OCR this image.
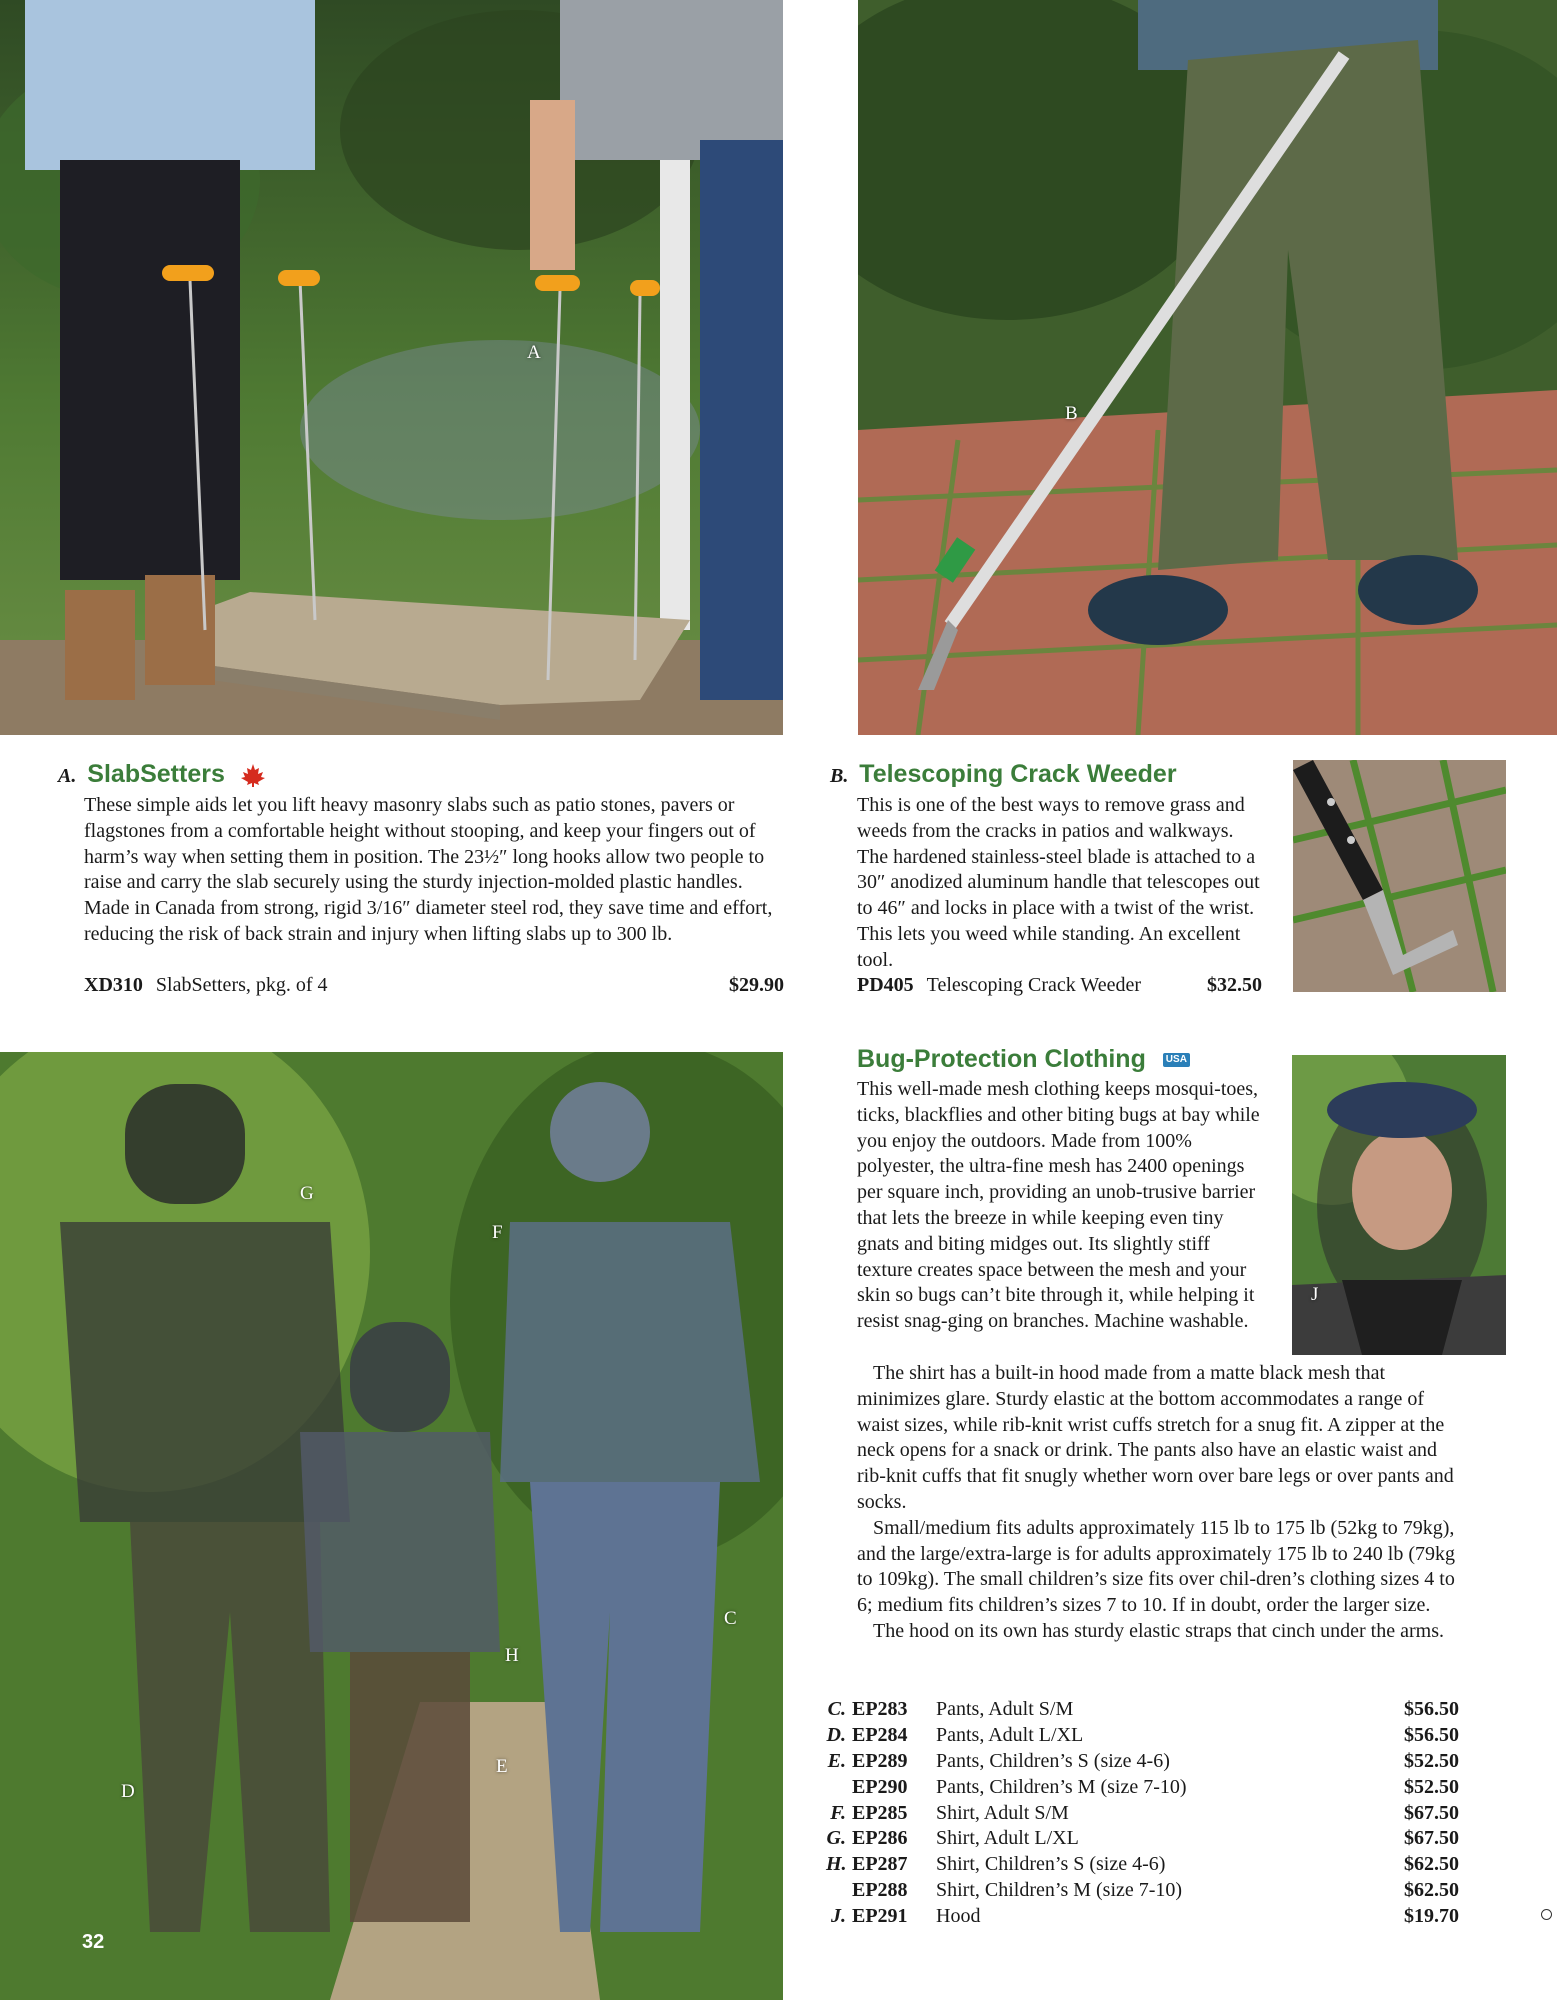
A
B
A. SlabSetters

These simple aids let you lift heavy masonry slabs such as patio stones, pavers or flagstones from a comfortable height without stooping, and keep your fingers out of harm’s way when setting them in position. The 23½″ long hooks allow two people to raise and carry the slab securely using the sturdy injection-molded plastic handles. Made in Canada from strong, rigid 3/16″ diameter steel rod, they save time and effort, reducing the risk of back strain and injury when lifting slabs up to 300 lb.

XD310 SlabSetters, pkg. of 4	$29.90
B. Telescoping Crack Weeder

This is one of the best ways to remove grass and weeds from the cracks in patios and walkways. The hardened stainless-steel blade is attached to a 30″ anodized aluminum handle that telescopes out to 46″ and locks in place with a twist of the wrist. This lets you weed while standing. An excellent tool.

PD405 Telescoping Crack Weeder	$32.50
G
F
C
H
E
D
J
Bug-Protection Clothing USA

This well-made mesh clothing keeps mosqui-toes, ticks, blackflies and other biting bugs at bay while you enjoy the outdoors. Made from 100% polyester, the ultra-fine mesh has 2400 openings per square inch, providing an unob-trusive barrier that lets the breeze in while keeping even tiny gnats and biting midges out. Its slightly stiff texture creates space between the mesh and your skin so bugs can’t bite through it, while helping it resist snag-ging on branches. Machine washable.

The shirt has a built-in hood made from a matte black mesh that minimizes glare. Sturdy elastic at the bottom accommodates a range of waist sizes, while rib-knit wrist cuffs stretch for a snug fit. A zipper at the neck opens for a snack or drink. The pants also have an elastic waist and rib-knit cuffs that fit snugly whether worn over bare legs or over pants and socks.

Small/medium fits adults approximately 115 lb to 175 lb (52kg to 79kg), and the large/extra-large is for adults approximately 175 lb to 240 lb (79kg to 109kg). The small children’s size fits over chil-dren’s clothing sizes 4 to 6; medium fits children’s sizes 7 to 10. If in doubt, order the larger size.

The hood on its own has sturdy elastic straps that cinch under the arms.

C. EP283 Pants, Adult S/M	$56.50
D. EP284 Pants, Adult L/XL	$56.50
E. EP289 Pants, Children’s S (size 4-6)	$52.50
EP290 Pants, Children’s M (size 7-10)	$52.50
F. EP285 Shirt, Adult S/M	$67.50
G. EP286 Shirt, Adult L/XL	$67.50
H. EP287 Shirt, Children’s S (size 4-6)	$62.50
EP288 Shirt, Children’s M (size 7-10)	$62.50
J. EP291 Hood	$19.70
32
